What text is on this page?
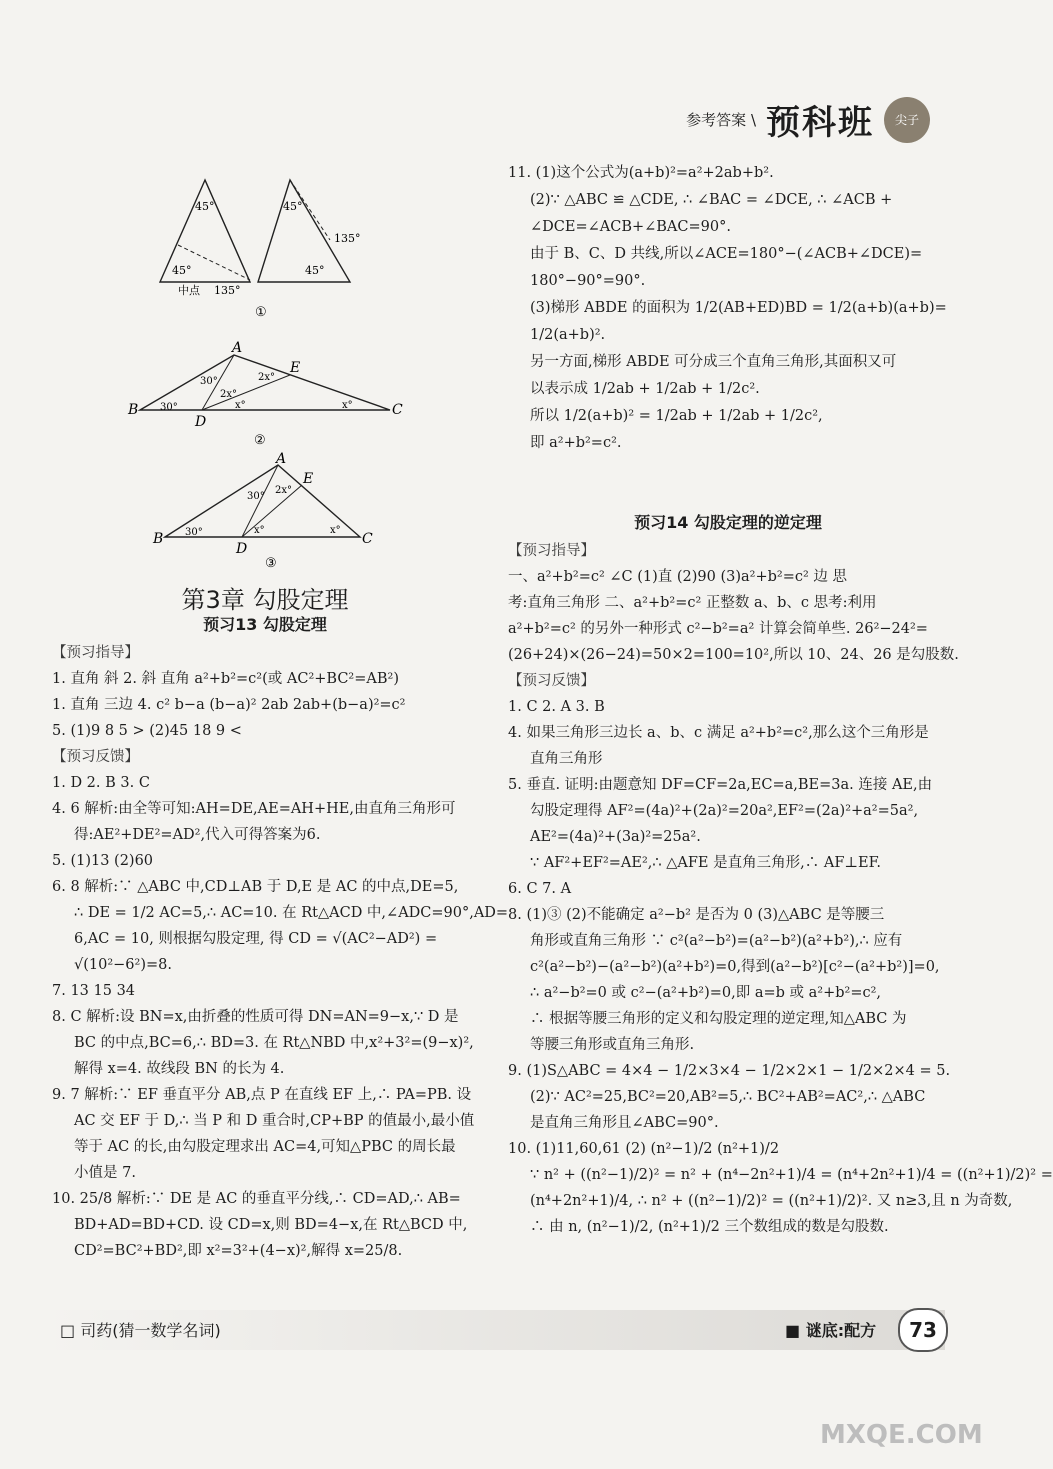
参考答案 \ 预科班	尖子
45°
45°
135°
中点
45°
135°
45°
①
A
B	C
D
E
30°
30°
2x°
2x°
x°	x°
②
A
B	C
D
E
30°
30°
2x°
x°	x°
③
第3章 勾股定理
预习13 勾股定理
【预习指导】
1. 直角 斜 2. 斜 直角 a²+b²=c²(或 AC²+BC²=AB²)
1. 直角 三边 4. c² b−a (b−a)² 2ab 2ab+(b−a)²=c²
5. (1)9 8 5 > (2)45 18 9 <
【预习反馈】
1. D 2. B 3. C
4. 6 解析:由全等可知:AH=DE,AE=AH+HE,由直角三角形可
得:AE²+DE²=AD²,代入可得答案为6.
5. (1)13 (2)60
6. 8 解析:∵ △ABC 中,CD⊥AB 于 D,E 是 AC 的中点,DE=5,
∴ DE = 1/2 AC=5,∴ AC=10. 在 Rt△ACD 中,∠ADC=90°,AD=
6,AC = 10, 则根据勾股定理, 得 CD = √(AC²−AD²) =
√(10²−6²)=8.
7. 13 15 34
8. C 解析:设 BN=x,由折叠的性质可得 DN=AN=9−x,∵ D 是
BC 的中点,BC=6,∴ BD=3. 在 Rt△NBD 中,x²+3²=(9−x)²,
解得 x=4. 故线段 BN 的长为 4.
9. 7 解析:∵ EF 垂直平分 AB,点 P 在直线 EF 上,∴ PA=PB. 设
AC 交 EF 于 D,∴ 当 P 和 D 重合时,CP+BP 的值最小,最小值
等于 AC 的长,由勾股定理求出 AC=4,可知△PBC 的周长最
小值是 7.
10. 25/8 解析:∵ DE 是 AC 的垂直平分线,∴ CD=AD,∴ AB=
BD+AD=BD+CD. 设 CD=x,则 BD=4−x,在 Rt△BCD 中,
CD²=BC²+BD²,即 x²=3²+(4−x)²,解得 x=25/8.
11. (1)这个公式为(a+b)²=a²+2ab+b².
(2)∵ △ABC ≌ △CDE, ∴ ∠BAC = ∠DCE, ∴ ∠ACB +
∠DCE=∠ACB+∠BAC=90°.
由于 B、C、D 共线,所以∠ACE=180°−(∠ACB+∠DCE)=
180°−90°=90°.
(3)梯形 ABDE 的面积为 1/2(AB+ED)BD = 1/2(a+b)(a+b)=
1/2(a+b)².
另一方面,梯形 ABDE 可分成三个直角三角形,其面积又可
以表示成 1/2ab + 1/2ab + 1/2c².
所以 1/2(a+b)² = 1/2ab + 1/2ab + 1/2c²,
即 a²+b²=c².
预习14 勾股定理的逆定理
【预习指导】
一、a²+b²=c² ∠C (1)直 (2)90 (3)a²+b²=c² 边 思
考:直角三角形 二、a²+b²=c² 正整数 a、b、c 思考:利用
a²+b²=c² 的另外一种形式 c²−b²=a² 计算会简单些. 26²−24²=
(26+24)×(26−24)=50×2=100=10²,所以 10、24、26 是勾股数.
【预习反馈】
1. C 2. A 3. B
4. 如果三角形三边长 a、b、c 满足 a²+b²=c²,那么这个三角形是
直角三角形
5. 垂直. 证明:由题意知 DF=CF=2a,EC=a,BE=3a. 连接 AE,由
勾股定理得 AF²=(4a)²+(2a)²=20a²,EF²=(2a)²+a²=5a²,
AE²=(4a)²+(3a)²=25a².
∵ AF²+EF²=AE²,∴ △AFE 是直角三角形,∴ AF⊥EF.
6. C 7. A
8. (1)③ (2)不能确定 a²−b² 是否为 0 (3)△ABC 是等腰三
角形或直角三角形 ∵ c²(a²−b²)=(a²−b²)(a²+b²),∴ 应有
c²(a²−b²)−(a²−b²)(a²+b²)=0,得到(a²−b²)[c²−(a²+b²)]=0,
∴ a²−b²=0 或 c²−(a²+b²)=0,即 a=b 或 a²+b²=c²,
∴ 根据等腰三角形的定义和勾股定理的逆定理,知△ABC 为
等腰三角形或直角三角形.
9. (1)S△ABC = 4×4 − 1/2×3×4 − 1/2×2×1 − 1/2×2×4 = 5.
(2)∵ AC²=25,BC²=20,AB²=5,∴ BC²+AB²=AC²,∴ △ABC
是直角三角形且∠ABC=90°.
10. (1)11,60,61 (2) (n²−1)/2 (n²+1)/2
∵ n² + ((n²−1)/2)² = n² + (n⁴−2n²+1)/4 = (n⁴+2n²+1)/4 = ((n²+1)/2)² =
(n⁴+2n²+1)/4, ∴ n² + ((n²−1)/2)² = ((n²+1)/2)². 又 n≥3,且 n 为奇数,
∴ 由 n, (n²−1)/2, (n²+1)/2 三个数组成的数是勾股数.
□ 司药(猜一数学名词)	■ 谜底:配方	73
MXQE.COM
